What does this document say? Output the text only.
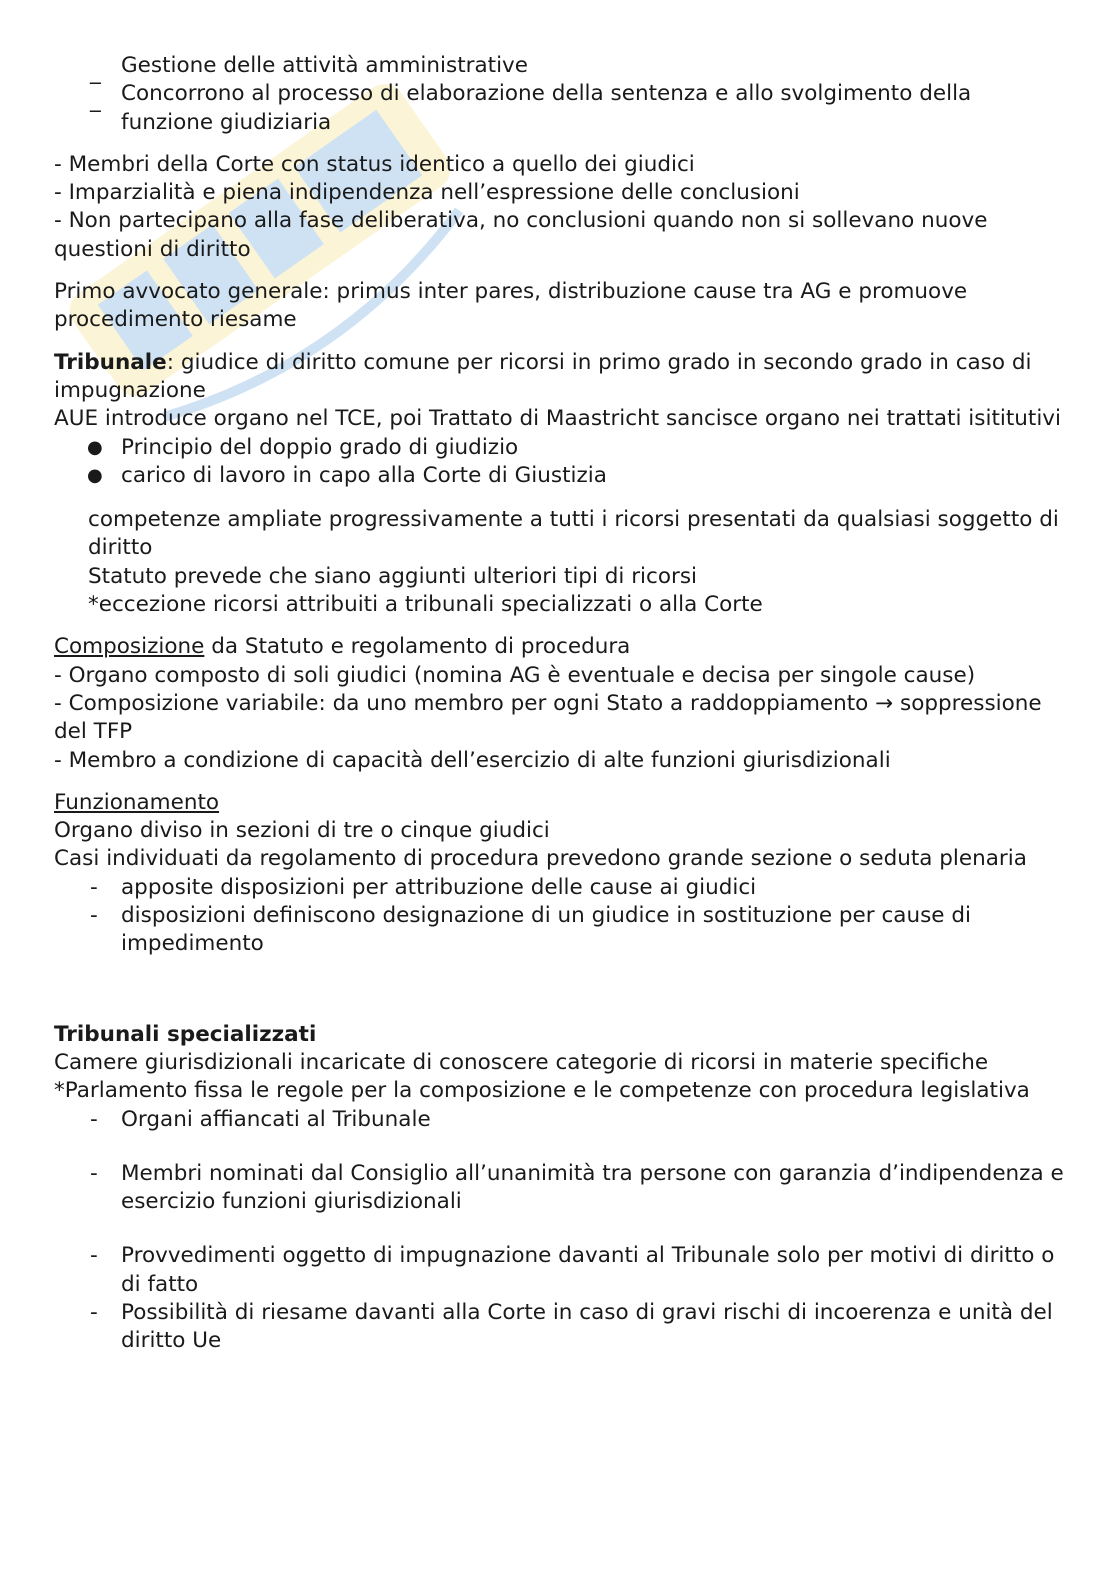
_ Gestione delle attività amministrative
_ Concorrono al processo di elaborazione della sentenza e allo svolgimento della funzione giudiziaria

- Membri della Corte con status identico a quello dei giudici

- Imparzialità e piena indipendenza nell’espressione delle conclusioni

- Non partecipano alla fase deliberativa, no conclusioni quando non si sollevano nuove questioni di diritto

Primo avvocato generale: primus inter pares, distribuzione cause tra AG e promuove procedimento riesame

Tribunale: giudice di diritto comune per ricorsi in primo grado in secondo grado in caso di impugnazione

AUE introduce organo nel TCE, poi Trattato di Maastricht sancisce organo nei trattati isititutivi

● Principio del doppio grado di giudizio
● carico di lavoro in capo alla Corte di Giustizia

competenze ampliate progressivamente a tutti i ricorsi presentati da qualsiasi soggetto di diritto

Statuto prevede che siano aggiunti ulteriori tipi di ricorsi

*eccezione ricorsi attribuiti a tribunali specializzati o alla Corte

Composizione da Statuto e regolamento di procedura

- Organo composto di soli giudici (nomina AG è eventuale e decisa per singole cause)

- Composizione variabile: da uno membro per ogni Stato a raddoppiamento → soppressione del TFP

- Membro a condizione di capacità dell’esercizio di alte funzioni giurisdizionali

Funzionamento

Organo diviso in sezioni di tre o cinque giudici

Casi individuati da regolamento di procedura prevedono grande sezione o seduta plenaria

-	apposite disposizioni per attribuzione delle cause ai giudici
-	disposizioni definiscono designazione di un giudice in sostituzione per cause di impedimento

Tribunali specializzati

Camere giurisdizionali incaricate di conoscere categorie di ricorsi in materie specifiche

*Parlamento fissa le regole per la composizione e le competenze con procedura legislativa

-	Organi affiancati al Tribunale
-	Membri nominati dal Consiglio all’unanimità tra persone con garanzia d’indipendenza e esercizio funzioni giurisdizionali
-	Provvedimenti oggetto di impugnazione davanti al Tribunale solo per motivi di diritto o di fatto
-	Possibilità di riesame davanti alla Corte in caso di gravi rischi di incoerenza e unità del diritto Ue
